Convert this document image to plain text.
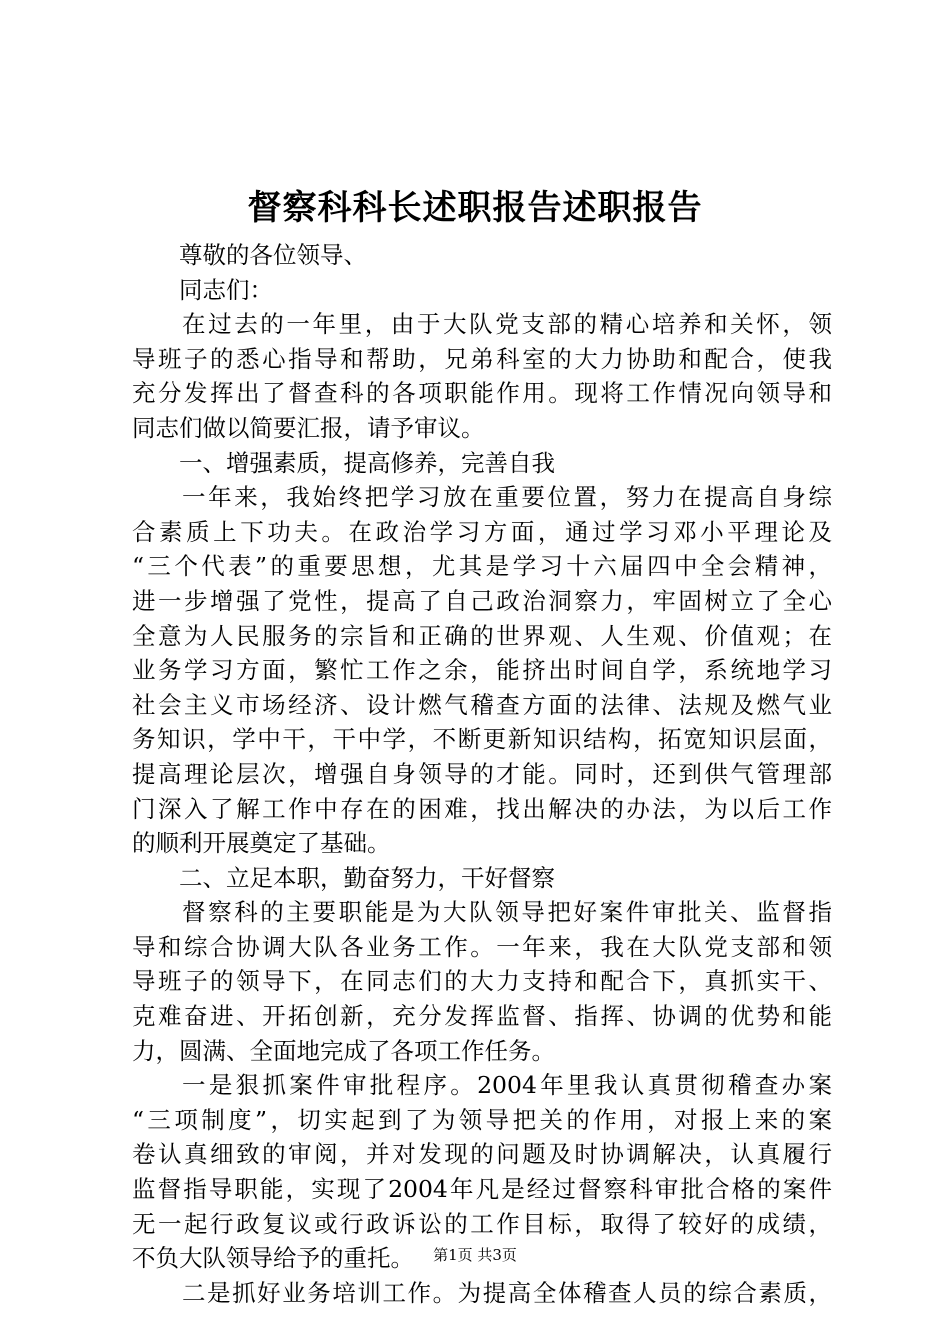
督察科科长述职报告述职报告
尊敬的各位领导、
同志们：
在过去的一年里，由于大队党支部的精心培养和关怀，领
导班子的悉心指导和帮助，兄弟科室的大力协助和配合，使我
充分发挥出了督查科的各项职能作用。现将工作情况向领导和
同志们做以简要汇报，请予审议。
一、增强素质，提高修养，完善自我
一年来，我始终把学习放在重要位置，努力在提高自身综
合素质上下功夫。在政治学习方面，通过学习邓小平理论及
“三个代表”的重要思想，尤其是学习十六届四中全会精神，
进一步增强了党性，提高了自己政治洞察力，牢固树立了全心
全意为人民服务的宗旨和正确的世界观、人生观、价值观；在
业务学习方面，繁忙工作之余，能挤出时间自学，系统地学习
社会主义市场经济、设计燃气稽查方面的法律、法规及燃气业
务知识，学中干，干中学，不断更新知识结构，拓宽知识层面，
提高理论层次，增强自身领导的才能。同时，还到供气管理部
门深入了解工作中存在的困难，找出解决的办法，为以后工作
的顺利开展奠定了基础。
二、立足本职，勤奋努力，干好督察
督察科的主要职能是为大队领导把好案件审批关、监督指
导和综合协调大队各业务工作。一年来，我在大队党支部和领
导班子的领导下，在同志们的大力支持和配合下，真抓实干、
克难奋进、开拓创新，充分发挥监督、指挥、协调的优势和能
力，圆满、全面地完成了各项工作任务。
一是狠抓案件审批程序。2004年里我认真贯彻稽查办案
“三项制度”，切实起到了为领导把关的作用，对报上来的案
卷认真细致的审阅，并对发现的问题及时协调解决，认真履行
监督指导职能，实现了2004年凡是经过督察科审批合格的案件
无一起行政复议或行政诉讼的工作目标，取得了较好的成绩，
不负大队领导给予的重托。
二是抓好业务培训工作。为提高全体稽查人员的综合素质，
第1页 共3页
